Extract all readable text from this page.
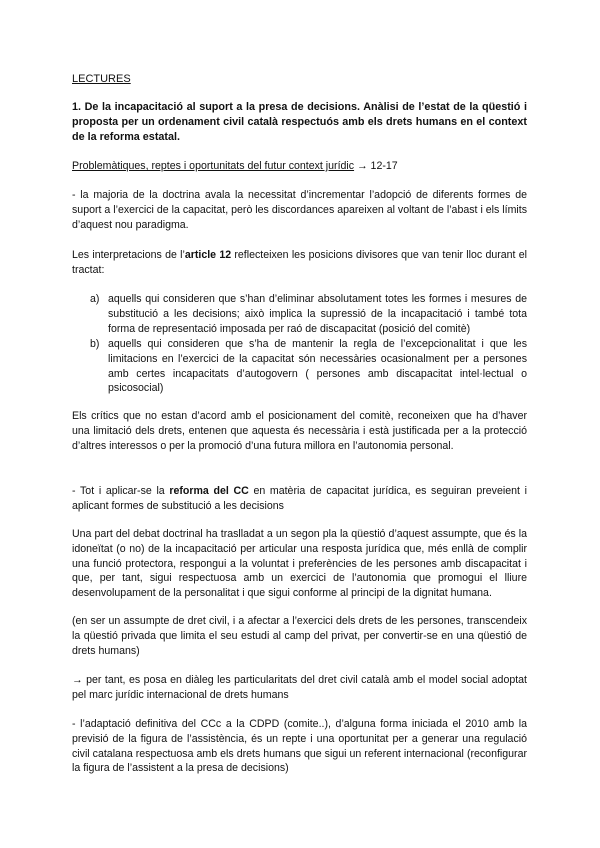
LECTURES
1. De la incapacitació al suport a la presa de decisions. Anàlisi de l’estat de la qüestió i proposta per un ordenament civil català respectuós amb els drets humans en el context de la reforma estatal.
Problemàtiques, reptes i oportunitats del futur context jurídic → 12-17
- la majoria de la doctrina avala la necessitat d’incrementar l’adopció de diferents formes de suport a l’exercici de la capacitat, però les discordances apareixen al voltant de l’abast i els límits d’aquest nou paradigma.
Les interpretacions de l’article 12 reflecteixen les posicions divisores que van tenir lloc durant el tractat:
a) aquells qui consideren que s’han d’eliminar absolutament totes les formes i mesures de substitució a les decisions; això implica la supressió de la incapacitació i també tota forma de representació imposada per raó de discapacitat (posició del comitè)
b) aquells qui consideren que s’ha de mantenir la regla de l’excepcionalitat i que les limitacions en l’exercici de la capacitat són necessàries ocasionalment per a persones amb certes incapacitats d’autogovern ( persones amb discapacitat intel·lectual o psicosocial)
Els crítics que no estan d’acord amb el posicionament del comitè, reconeixen que ha d’haver una limitació dels drets, entenen que aquesta és necessària i està justificada per a la protecció d’altres interessos o per la promoció d’una futura millora en l’autonomia personal.
- Tot i aplicar-se la reforma del CC en matèria de capacitat jurídica, es seguiran preveient i aplicant formes de substitució a les decisions
Una part del debat doctrinal ha traslladat a un segon pla la qüestió d’aquest assumpte, que és la idoneïtat (o no) de la incapacitació per articular una resposta jurídica que, més enllà de complir una funció protectora, respongui a la voluntat i preferències de les persones amb discapacitat i que, per tant, sigui respectuosa amb un exercici de l’autonomia que promogui el lliure desenvolupament de la personalitat i que sigui conforme al principi de la dignitat humana.
(en ser un assumpte de dret civil, i a afectar a l’exercici dels drets de les persones, transcendeix la qüestió privada que limita el seu estudi al camp del privat, per convertir-se en una qüestió de drets humans)
→ per tant, es posa en diàleg les particularitats del dret civil català amb el model social adoptat pel marc jurídic internacional de drets humans
- l’adaptació definitiva del CCc a la CDPD (comite..), d’alguna forma iniciada el 2010 amb la previsió de la figura de l’assistència, és un repte i una oportunitat per a generar una regulació civil catalana respectuosa amb els drets humans que sigui un referent internacional (reconfigurar la figura de l’assistent a la presa de decisions)
